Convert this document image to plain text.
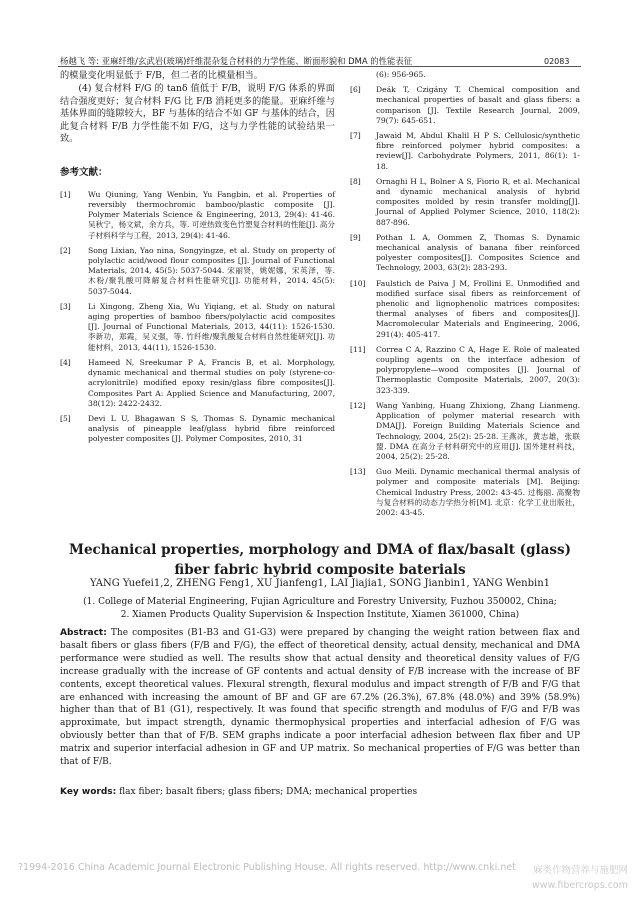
杨越飞 等: 亚麻纤维/玄武岩(玻璃)纤维混杂复合材料的力学性能、断面形貌和 DMA 的性能表征	02083

的模量变化明显低于 F/B，但二者的比模量相当。

(4) 复合材料 F/G 的 tanδ 值低于 F/B，说明 F/G 体系的界面结合强度更好；复合材料 F/G 比 F/B 消耗更多的能量。亚麻纤维与基体界面的缝隙较大，BF 与基体的结合不如 GF 与基体的结合，因此复合材料 F/B 力学性能不如 F/G，这与力学性能的试验结果一致。

参考文献：

[1] Wu Qiuning, Yang Wenbin, Yu Fangbin, et al. Properties of reversibly thermochromic bamboo/plastic composite [J]. Polymer Materials Science & Engineering, 2013, 29(4): 41-46. 吴秋宁，杨文斌，余方兵，等. 可逆热致变色竹塑复合材料的性能[J]. 高分子材料科学与工程，2013, 29(4): 41-46.
[2] Song Lixian, Yao nina, Songyingze, et al. Study on property of polylactic acid/wood flour composites [J]. Journal of Functional Materials, 2014, 45(5): 5037-5044. 宋丽贤，姚妮娜，宋英泽，等. 木粉/聚乳酸可降解复合材料性能研究[J]. 功能材料，2014, 45(5): 5037-5044.
[3] Li Xingong, Zheng Xia, Wu Yiqiang, et al. Study on natural aging properties of bamboo fibers/polylactic acid composites [J]. Journal of Functional Materials, 2013, 44(11): 1526-1530. 李新功，郑霞，吴义强，等. 竹纤维/聚乳酸复合材料自然性能研究[J]. 功能材料，2013, 44(11), 1526-1530.
[4] Hameed N, Sreekumar P A, Francis B, et al. Morphology, dynamic mechanical and thermal studies on poly (styrene-co-acrylonitrile) modified epoxy resin/glass fibre composites[J]. Composites Part A: Applied Science and Manufacturing, 2007, 38(12): 2422-2432.
[5] Devi L U, Bhagawan S S, Thomas S. Dynamic mechanical analysis of pineapple leaf/glass hybrid fibre reinforced polyester composites [J]. Polymer Composites, 2010, 31
(6): 956-965.
[6] Deák T, Czigány T. Chemical composition and mechanical properties of basalt and glass fibers: a comparison [J]. Textile Research Journal, 2009, 79(7): 645-651.
[7] Jawaid M, Abdul Khalil H P S. Cellulosic/synthetic fibre reinforced polymer hybrid composites: a review[J]. Carbohydrate Polymers, 2011, 86(1): 1-18.
[8] Ornaghi H L, Bolner A S, Fiorio R, et al. Mechanical and dynamic mechanical analysis of hybrid composites molded by resin transfer molding[J]. Journal of Applied Polymer Science, 2010, 118(2): 887-896.
[9] Pothan L A, Oommen Z, Thomas S. Dynamic mechanical analysis of banana fiber reinforced polyester composites[J]. Composites Science and Technology, 2003, 63(2): 283-293.
[10] Faulstich de Paiva J M, Frollini E. Unmodified and modified surface sisal fibers as reinforcement of phenolic and lignophenolic matrices composites: thermal analyses of fibers and composites[J]. Macromolecular Materials and Engineering, 2006, 291(4): 405-417.
[11] Correa C A, Razzino C A, Hage E. Role of maleated coupling agents on the interface adhesion of polypropylene—wood composites [J]. Journal of Thermoplastic Composite Materials, 2007, 20(3): 323-339.
[12] Wang Yanbing, Huang Zhixiong, Zhang Lianmeng. Application of polymer material research with DMA[J]. Foreign Building Materials Science and Technology, 2004, 25(2): 25-28. 王燕冰，黄志雄，张联盟. DMA 在高分子材料研究中的应用[J]. 国外建材科技，2004, 25(2): 25-28.
[13] Guo Meili. Dynamic mechanical thermal analysis of polymer and composite materials [M]. Beijing: Chemical Industry Press, 2002: 43-45. 过梅丽. 高聚物与复合材料的动态力学热分析[M]. 北京：化学工业出版社，2002: 43-45.
Mechanical properties, morphology and DMA of flax/basalt (glass) fiber fabric hybrid composite baterials
YANG Yuefei1,2, ZHENG Feng1, XU Jianfeng1, LAI Jiajia1, SONG Jianbin1, YANG Wenbin1
(1. College of Material Engineering, Fujian Agriculture and Forestry University, Fuzhou 350002, China;
2. Xiamen Products Quality Supervision & Inspection Institute, Xiamen 361000, China)
Abstract: The composites (B1-B3 and G1-G3) were prepared by changing the weight ration between flax and basalt fibers or glass fibers (F/B and F/G), the effect of theoretical density, actual density, mechanical and DMA performance were studied as well. The results show that actual density and theoretical density values of F/G increase gradually with the increase of GF contents and actual density of F/B increase with the increase of BF contents, except theoretical values. Flexural strength, flexural modulus and impact strength of F/B and F/G that are enhanced with increasing the amount of BF and GF are 67.2% (26.3%), 67.8% (48.0%) and 39% (58.9%) higher than that of B1 (G1), respectively. It was found that specific strength and modulus of F/G and F/B was approximate, but impact strength, dynamic thermophysical properties and interfacial adhesion of F/G was obviously better than that of F/B. SEM graphs indicate a poor interfacial adhesion between flax fiber and UP matrix and superior interfacial adhesion in GF and UP matrix. So mechanical properties of F/G was better than that of F/B.
Key words: flax fiber; basalt fibers; glass fibers; DMA; mechanical properties
?1994-2016 China Academic Journal Electronic Publishing House. All rights reserved. http://www.cnki.net 麻类作物营养与施肥网
www.fibercrops.com
